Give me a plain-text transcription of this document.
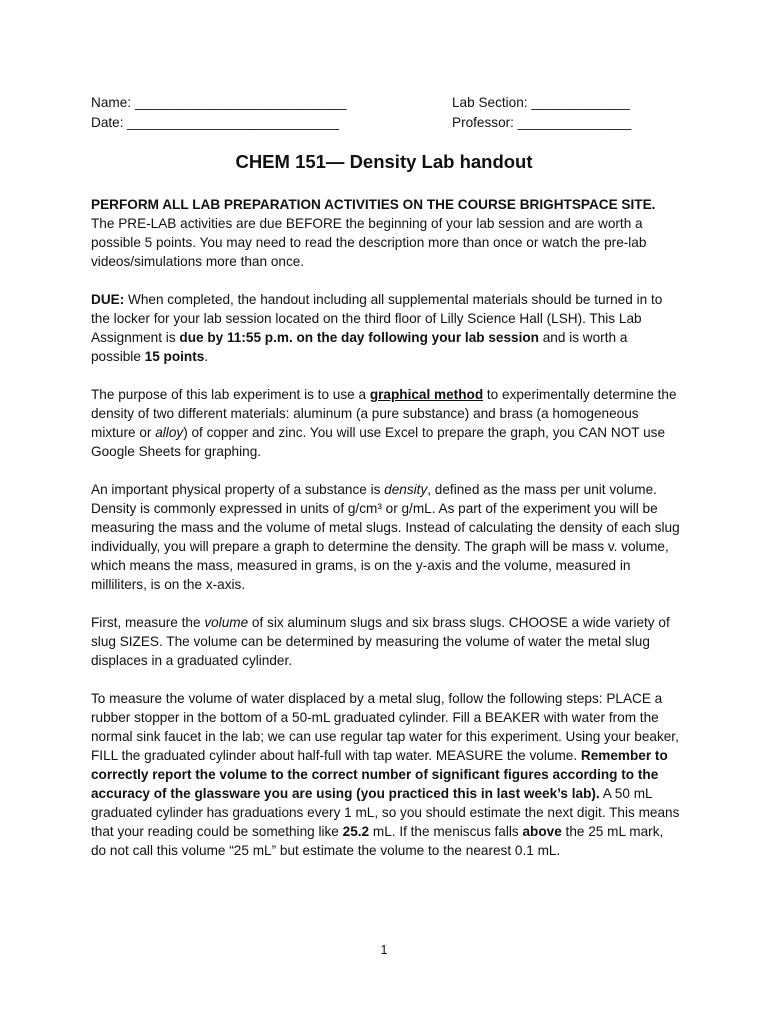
Name: ____________________________
Date: ____________________________
Lab Section: _____________
Professor: _______________
CHEM 151— Density Lab handout

PERFORM ALL LAB PREPARATION ACTIVITIES ON THE COURSE BRIGHTSPACE SITE.
The PRE-LAB activities are due BEFORE the beginning of your lab session and are worth a possible 5 points. You may need to read the description more than once or watch the pre-lab videos/simulations more than once.

DUE: When completed, the handout including all supplemental materials should be turned in to the locker for your lab session located on the third floor of Lilly Science Hall (LSH). This Lab Assignment is due by 11:55 p.m. on the day following your lab session and is worth a possible 15 points.

The purpose of this lab experiment is to use a graphical method to experimentally determine the density of two different materials: aluminum (a pure substance) and brass (a homogeneous mixture or alloy) of copper and zinc. You will use Excel to prepare the graph, you CAN NOT use Google Sheets for graphing.

An important physical property of a substance is density, defined as the mass per unit volume. Density is commonly expressed in units of g/cm³ or g/mL. As part of the experiment you will be measuring the mass and the volume of metal slugs. Instead of calculating the density of each slug individually, you will prepare a graph to determine the density. The graph will be mass v. volume, which means the mass, measured in grams, is on the y-axis and the volume, measured in milliliters, is on the x-axis.

First, measure the volume of six aluminum slugs and six brass slugs. CHOOSE a wide variety of slug SIZES. The volume can be determined by measuring the volume of water the metal slug displaces in a graduated cylinder.

To measure the volume of water displaced by a metal slug, follow the following steps: PLACE a rubber stopper in the bottom of a 50-mL graduated cylinder. Fill a BEAKER with water from the normal sink faucet in the lab; we can use regular tap water for this experiment. Using your beaker, FILL the graduated cylinder about half-full with tap water. MEASURE the volume. Remember to correctly report the volume to the correct number of significant figures according to the accuracy of the glassware you are using (you practiced this in last week’s lab). A 50 mL graduated cylinder has graduations every 1 mL, so you should estimate the next digit. This means that your reading could be something like 25.2 mL. If the meniscus falls above the 25 mL mark, do not call this volume “25 mL” but estimate the volume to the nearest 0.1 mL.

1
